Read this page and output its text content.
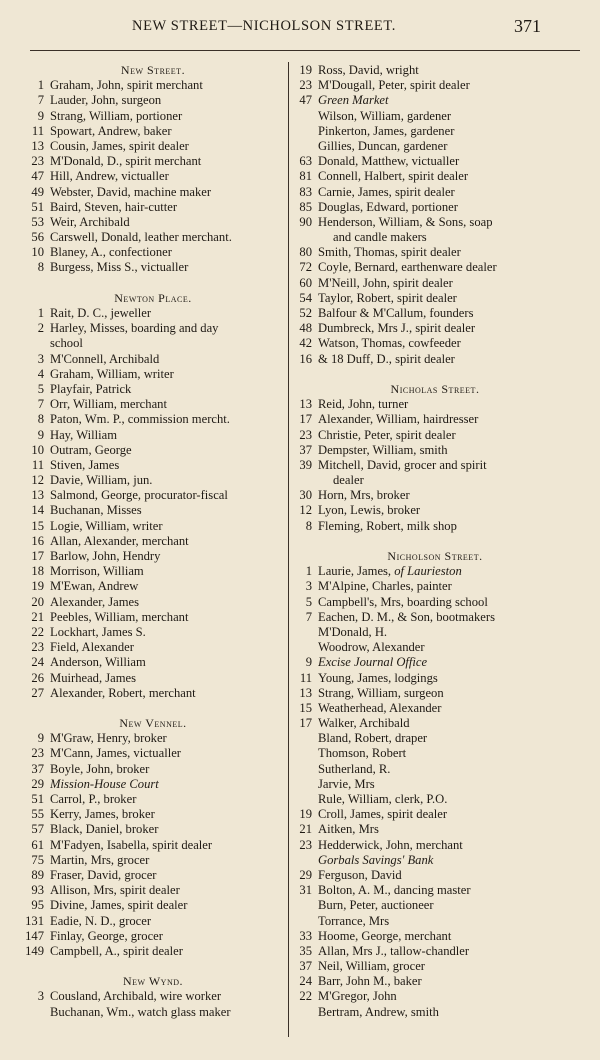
NEW STREET—NICHOLSON STREET.	371
New Street.
1 Graham, John, spirit merchant
7 Lauder, John, surgeon
9 Strang, William, portioner
11 Spowart, Andrew, baker
13 Cousin, James, spirit dealer
23 M'Donald, D., spirit merchant
47 Hill, Andrew, victualler
49 Webster, David, machine maker
51 Baird, Steven, hair-cutter
53 Weir, Archibald
56 Carswell, Donald, leather merchant.
10 Blaney, A., confectioner
8 Burgess, Miss S., victualler
Newton Place.
1 Rait, D. C., jeweller
2 Harley, Misses, boarding and day
school
3 M'Connell, Archibald
4 Graham, William, writer
5 Playfair, Patrick
7 Orr, William, merchant
8 Paton, Wm. P., commission mercht.
9 Hay, William
10 Outram, George
11 Stiven, James
12 Davie, William, jun.
13 Salmond, George, procurator-fiscal
14 Buchanan, Misses
15 Logie, William, writer
16 Allan, Alexander, merchant
17 Barlow, John, Hendry
18 Morrison, William
19 M'Ewan, Andrew
20 Alexander, James
21 Peebles, William, merchant
22 Lockhart, James S.
23 Field, Alexander
24 Anderson, William
26 Muirhead, James
27 Alexander, Robert, merchant
New Vennel.
9 M'Graw, Henry, broker
23 M'Cann, James, victualler
37 Boyle, John, broker
29 Mission-House Court
51 Carrol, P., broker
55 Kerry, James, broker
57 Black, Daniel, broker
61 M'Fadyen, Isabella, spirit dealer
75 Martin, Mrs, grocer
89 Fraser, David, grocer
93 Allison, Mrs, spirit dealer
95 Divine, James, spirit dealer
131 Eadie, N. D., grocer
147 Finlay, George, grocer
149 Campbell, A., spirit dealer
New Wynd.
3 Cousland, Archibald, wire worker
Buchanan, Wm., watch glass maker
19 Ross, David, wright
23 M'Dougall, Peter, spirit dealer
47 Green Market
Wilson, William, gardener
Pinkerton, James, gardener
Gillies, Duncan, gardener
63 Donald, Matthew, victualler
81 Connell, Halbert, spirit dealer
83 Carnie, James, spirit dealer
85 Douglas, Edward, portioner
90 Henderson, William, & Sons, soap
and candle makers
80 Smith, Thomas, spirit dealer
72 Coyle, Bernard, earthenware dealer
60 M'Neill, John, spirit dealer
54 Taylor, Robert, spirit dealer
52 Balfour & M'Callum, founders
48 Dumbreck, Mrs J., spirit dealer
42 Watson, Thomas, cowfeeder
16 & 18 Duff, D., spirit dealer
Nicholas Street.
13 Reid, John, turner
17 Alexander, William, hairdresser
23 Christie, Peter, spirit dealer
37 Dempster, William, smith
39 Mitchell, David, grocer and spirit
dealer
30 Horn, Mrs, broker
12 Lyon, Lewis, broker
8 Fleming, Robert, milk shop
Nicholson Street.
1 Laurie, James, of Laurieston
3 M'Alpine, Charles, painter
5 Campbell's, Mrs, boarding school
7 Eachen, D. M., & Son, bootmakers
M'Donald, H.
Woodrow, Alexander
9 Excise Journal Office
11 Young, James, lodgings
13 Strang, William, surgeon
15 Weatherhead, Alexander
17 Walker, Archibald
Bland, Robert, draper
Thomson, Robert
Sutherland, R.
Jarvie, Mrs
Rule, William, clerk, P.O.
19 Croll, James, spirit dealer
21 Aitken, Mrs
23 Hedderwick, John, merchant
Gorbals Savings' Bank
29 Ferguson, David
31 Bolton, A. M., dancing master
Burn, Peter, auctioneer
Torrance, Mrs
33 Hoome, George, merchant
35 Allan, Mrs J., tallow-chandler
37 Neil, William, grocer
24 Barr, John M., baker
22 M'Gregor, John
Bertram, Andrew, smith
